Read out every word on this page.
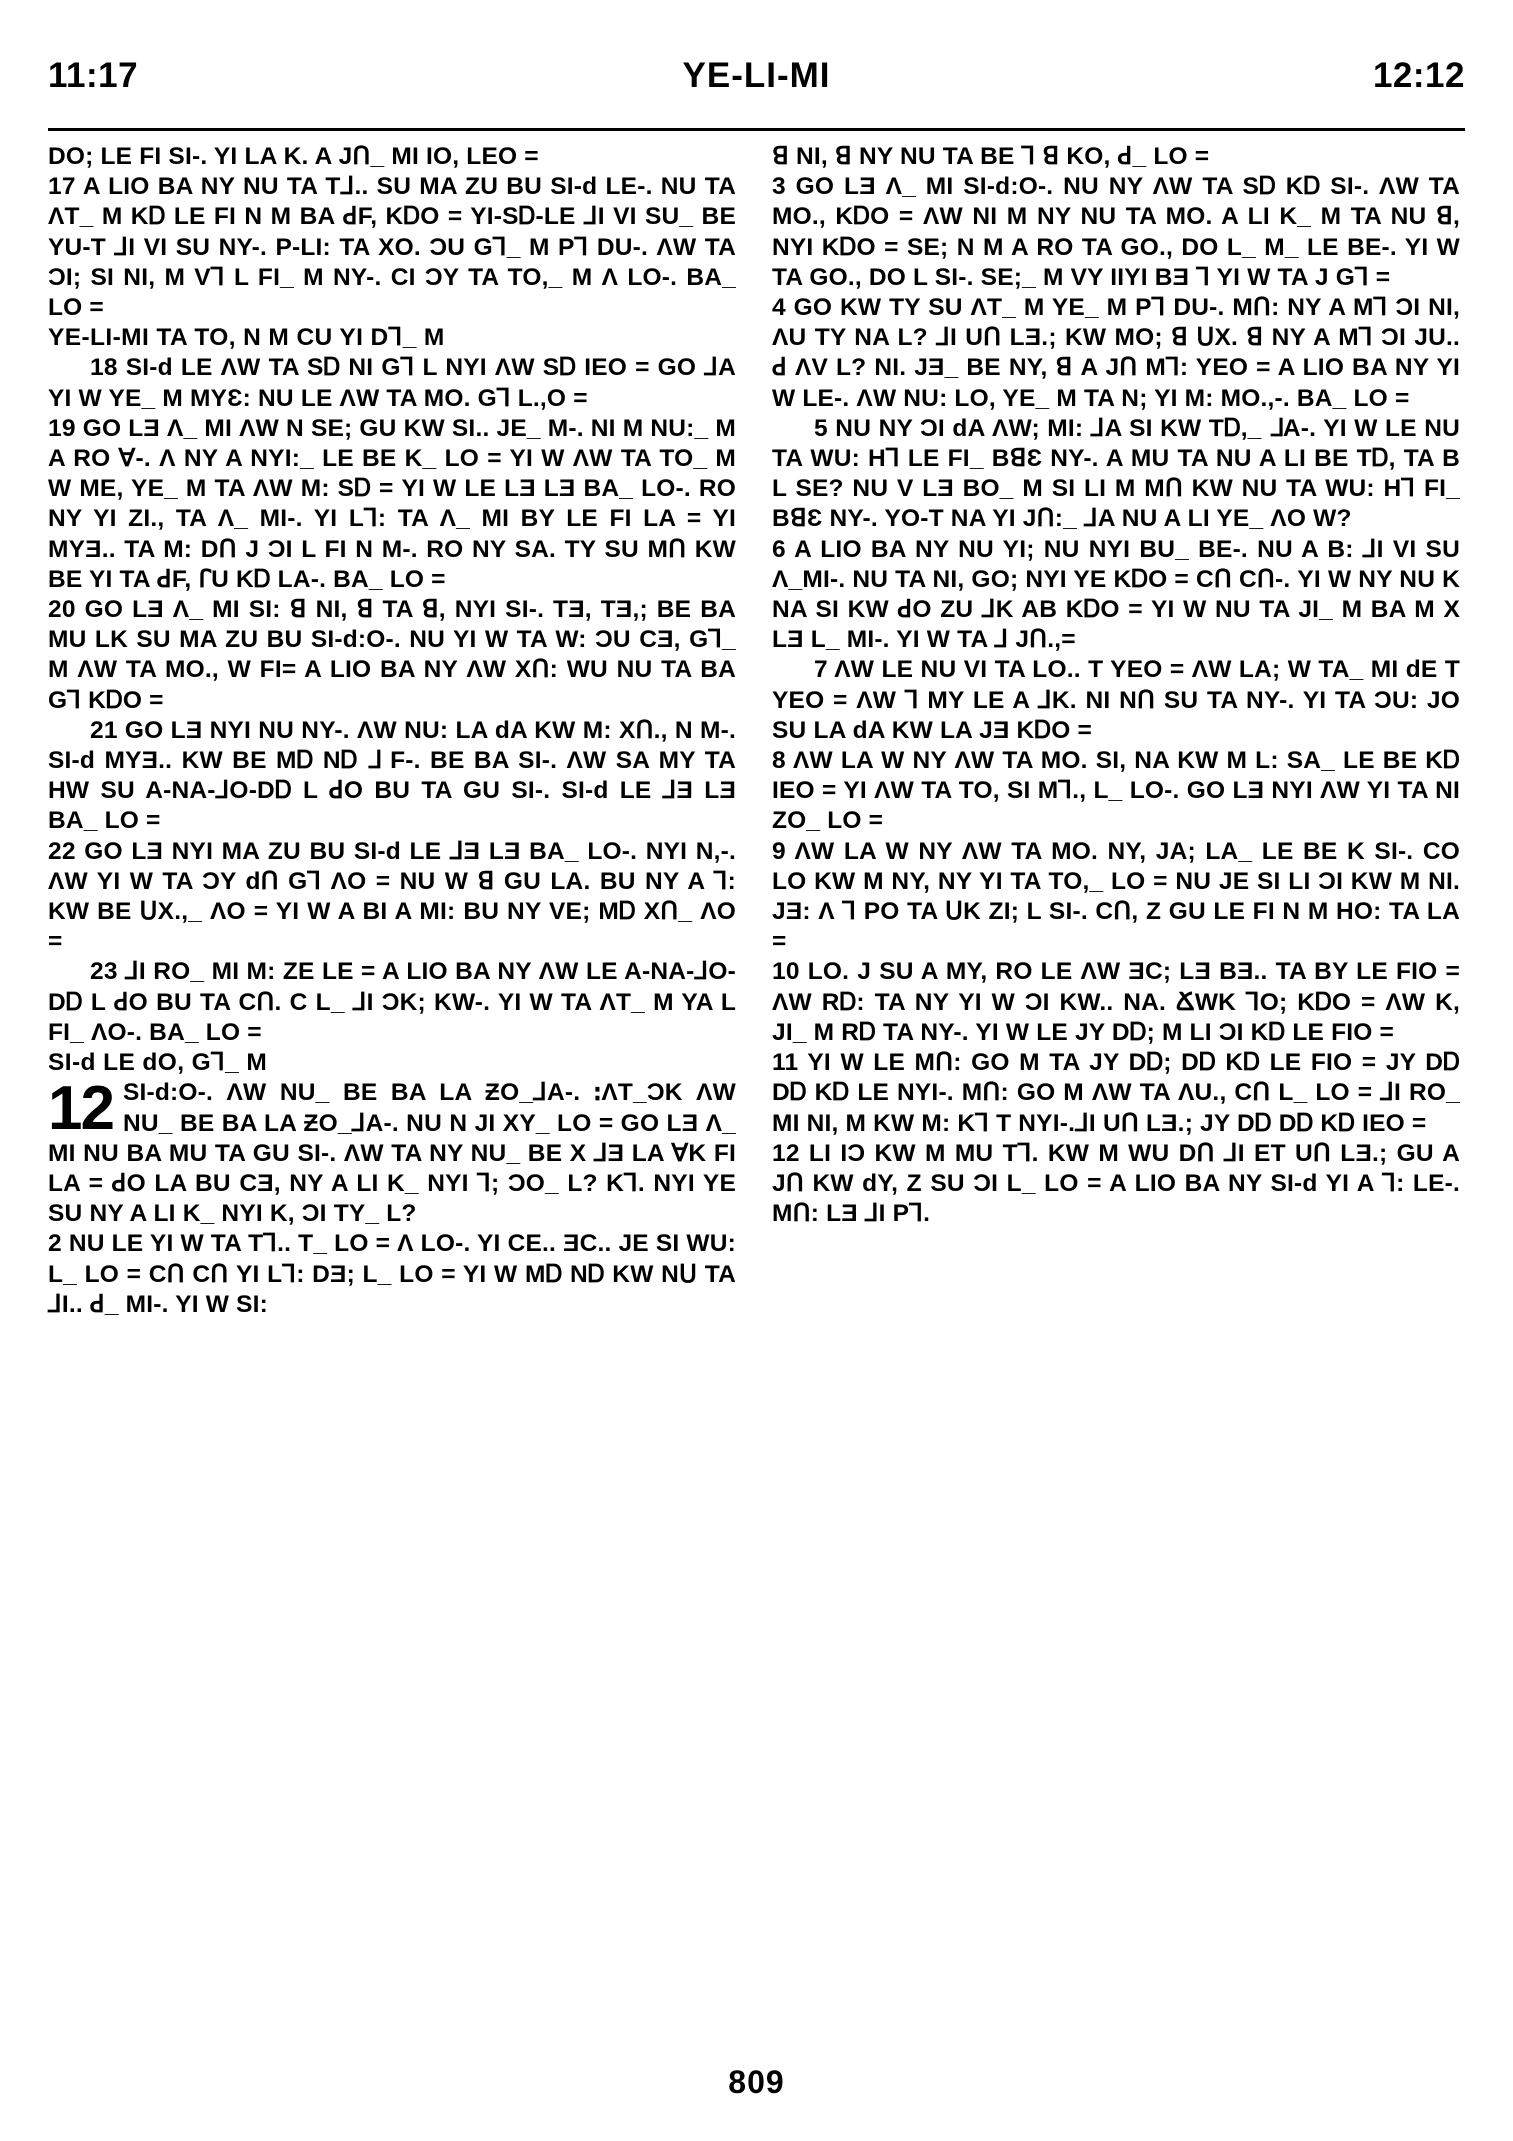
11:17	YE-LI-MI	12:12

DO; LE FI SI-. YI LA K. A JՈ_ MI ƖO, LEO =

17 A LIO BA NY NU TA T⅃.. SU MA ZU BU SI-d LE-. NU TA ΛT_ M KᎠ LE FI N M BA ꓒF, KᎠO = YI-SᎠ-LE ⅃I VI SU_ BE YU-T ⅃I VI SU NY-. P-LI: TA XO. ƆU G⅂_ M P⅂ DU-. ΛW TA ƆI; SI NI, M V⅂ L FI_ M NY-. CI ƆY TA TO,_ M Λ LO-. BA_ LO =

YE-LI-MI TA TO, N M CU YI D⅂_ M

18 SI-d LE ΛW TA SᎠ NI G⅂ L NYI ΛW SᎠ ƖEO = GO ⅃A YI W YE_ M MYƐ: NU LE ΛW TA MO. G⅂ L.,O =

19 GO LƎ Λ_ MI ΛW N SE; GU KW SI.. JE_ M-. NI M NU:_ M A RO ꓯ-. Λ NY A NYI:_ LE BE K_ LO = YI W ΛW TA TO_ M W ME, YE_ M TA ΛW M: SᎠ = YI W LE LƎ LƎ BA_ LO-. RO NY YI ZI., TA Λ_ MI-. YI L⅂: TA Λ_ MI BY LE FI LA = YI MYƎ.. TA M: DՈ J ƆI L FI N M-. RO NY SA. TY SU MՈ KW BE YI TA ꓒF, ꓩU KᎠ LA-. BA_ LO =

20 GO LƎ Λ_ MI SI: ꓭ NI, ꓭ TA ꓭ, NYI SI-. TƎ, TƎ,; BE BA MU LK SU MA ZU BU SI-d:O-. NU YI W TA W: ƆU CƎ, G⅂_ M ΛW TA MO., W FI= A LIO BA NY ΛW XՈ: WU NU TA BA G⅂ KᎠO =

21 GO LƎ NYI NU NY-. ΛW NU: LA dA KW M: XՈ., N M-. SI-d MYƎ.. KW BE MᎠ NᎠ ⅃ F-. BE BA SI-. ΛW SA MY TA HW SU A-NA-⅃O-DᎠ L ꓒO BU TA GU SI-. SI-d LE ⅃Ǝ LƎ BA_ LO =

22 GO LƎ NYI MA ZU BU SI-d LE ⅃Ǝ LƎ BA_ LO-. NYI N,-. ΛW YI W TA ƆY dՈ G⅂ ΛO = NU W ꓭ GU LA. BU NY A ⅂: KW BE ՍX.,_ ΛO = YI W A BI A MI: BU NY VE; MᎠ XՈ_ ΛO =

23 ⅃I RO_ MI M: ZE LE = A LIO BA NY ΛW LE A-NA-⅃O-DᎠ L ꓒO BU TA CՈ. C L_ ⅃I ƆK; KW-. YI W TA ΛT_ M YA L FI_ ΛO-. BA_ LO =

SI-d LE dO, G⅂_ M

12 SI-d:O-. ΛW NU_ BE BA LA ƵO_⅃A-. ꓽΛT_ƆK ΛW NU_ BE BA LA ƵO_⅃A-. NU N JI XY_ LO = GO LƎ Λ_ MI NU BA MU TA GU SI-. ΛW TA NY NU_ BE X ⅃Ǝ LA ꓯK FI LA = ꓒO LA BU CƎ, NY A LI K_ NYI ⅂; ƆO_ L? K⅂. NYI YE SU NY A LI K_ NYI K, ƆI TY_ L?

2 NU LE YI W TA T⅂.. T_ LO = Λ LO-. YI CE.. ƎC.. JE SI WU: L_ LO = CՈ CՈ YI L⅂: DƎ; L_ LO = YI W MᎠ NᎠ KW NՍ TA ⅃I.. ꓒ_ MI-. YI W SI:

ꓭ NI, ꓭ NY NU TA BE ⅂ ꓭ KO, ꓒ_ LO =

3 GO LƎ Λ_ MI SI-d:O-. NU NY ΛW TA SᎠ KᎠ SI-. ΛW TA MO., KᎠO = ΛW NI M NY NU TA MO. A LI K_ M TA NU ꓭ, NYI KᎠO = SE; N M A RO TA GO., DO L_ M_ LE BE-. YI W TA GO., DO L SI-. SE;_ M VY ΙΙYI BƎ ⅂ YI W TA J G⅂ =

4 GO KW TY SU ΛT_ M YE_ M P⅂ DU-. MՈ: NY A M⅂ ƆI NI, ΛU TY NA L? ⅃I UՈ LƎ.; KW MO; ꓭ ՍX. ꓭ NY A M⅂ ƆI JU.. ꓒ ΛV L? NI. JƎ_ BE NY, ꓭ A JՈ M⅂: YEO = A LIO BA NY YI W LE-. ΛW NU: LO, YE_ M TA N; YI M: MO.,-. BA_ LO =

5 NU NY ƆI dA ΛW; MI: ⅃A SI KW TᎠ,_ ⅃A-. YI W LE NU TA WU: H⅂ LE FI_ BꓭƐ NY-. A MU TA NU A LI BE TᎠ, TA B L SE? NU V LƎ BO_ M SI LI M MՈ KW NU TA WU: H⅂ FI_ BꓭƐ NY-. YO-T NA YI JՈ:_ ⅃A NU A LI YE_ ΛO W?

6 A LIO BA NY NU YI; NU NYI BU_ BE-. NU A B: ⅃I VI SU Λ_MI-. NU TA NI, GO; NYI YE KᎠO = CՈ CՈ-. YI W NY NU K NA SI KW ꓒO ZU ⅃K AB KᎠO = YI W NU TA JI_ M BA M X LƎ L_ MI-. YI W TA ⅃ JՈ.,=

7 ΛW LE NU VI TA LO.. T YEO = ΛW LA; W TA_ MI dE T YEO = ΛW ⅂ MY LE A ⅃K. NI NՈ SU TA NY-. YI TA ƆU: JO SU LA dA KW LA JƎ KᎠO =

8 ΛW LA W NY ΛW TA MO. SI, NA KW M L: SA_ LE BE KᎠ ƖEO = YI ΛW TA TO, SI M⅂., L_ LO-. GO LƎ NYI ΛW YI TA NI ZO_ LO =

9 ΛW LA W NY ΛW TA MO. NY, JA; LA_ LE BE K SI-. CO LO KW M NY, NY YI TA TO,_ LO = NU JE SI LI ƆI KW M NI. JƎ: Λ ⅂ PO TA ՍK ZI; L SI-. CՈ, Z GU LE FI N M HO: TA LA =

10 LO. J SU A MY, RO LE ΛW ƎC; LƎ BƎ.. TA BY LE FIO = ΛW RᎠ: TA NY YI W ƆI KW.. NA. ՃWK ⅂O; KᎠO = ΛW K, JI_ M RᎠ TA NY-. YI W LE JY DᎠ; M LI ƆI KᎠ LE FIO =

11 YI W LE MՈ: GO M TA JY DᎠ; DᎠ KᎠ LE FIO = JY DᎠ DᎠ KᎠ LE NYI-. MՈ: GO M ΛW TA ΛU., CՈ L_ LO = ⅃I RO_ MI NI, M KW M: K⅂ T NYI-.⅃I UՈ LƎ.; JY DᎠ DᎠ KᎠ ƖEO =

12 LI IƆ KW M MU T⅂. KW M WU DՈ ⅃I ET UՈ LƎ.; GU A JՈ KW dY, Z SU ƆI L_ LO = A LIO BA NY SI-d YI A ⅂: LE-. MՈ: LƎ ⅃I P⅂.

809
